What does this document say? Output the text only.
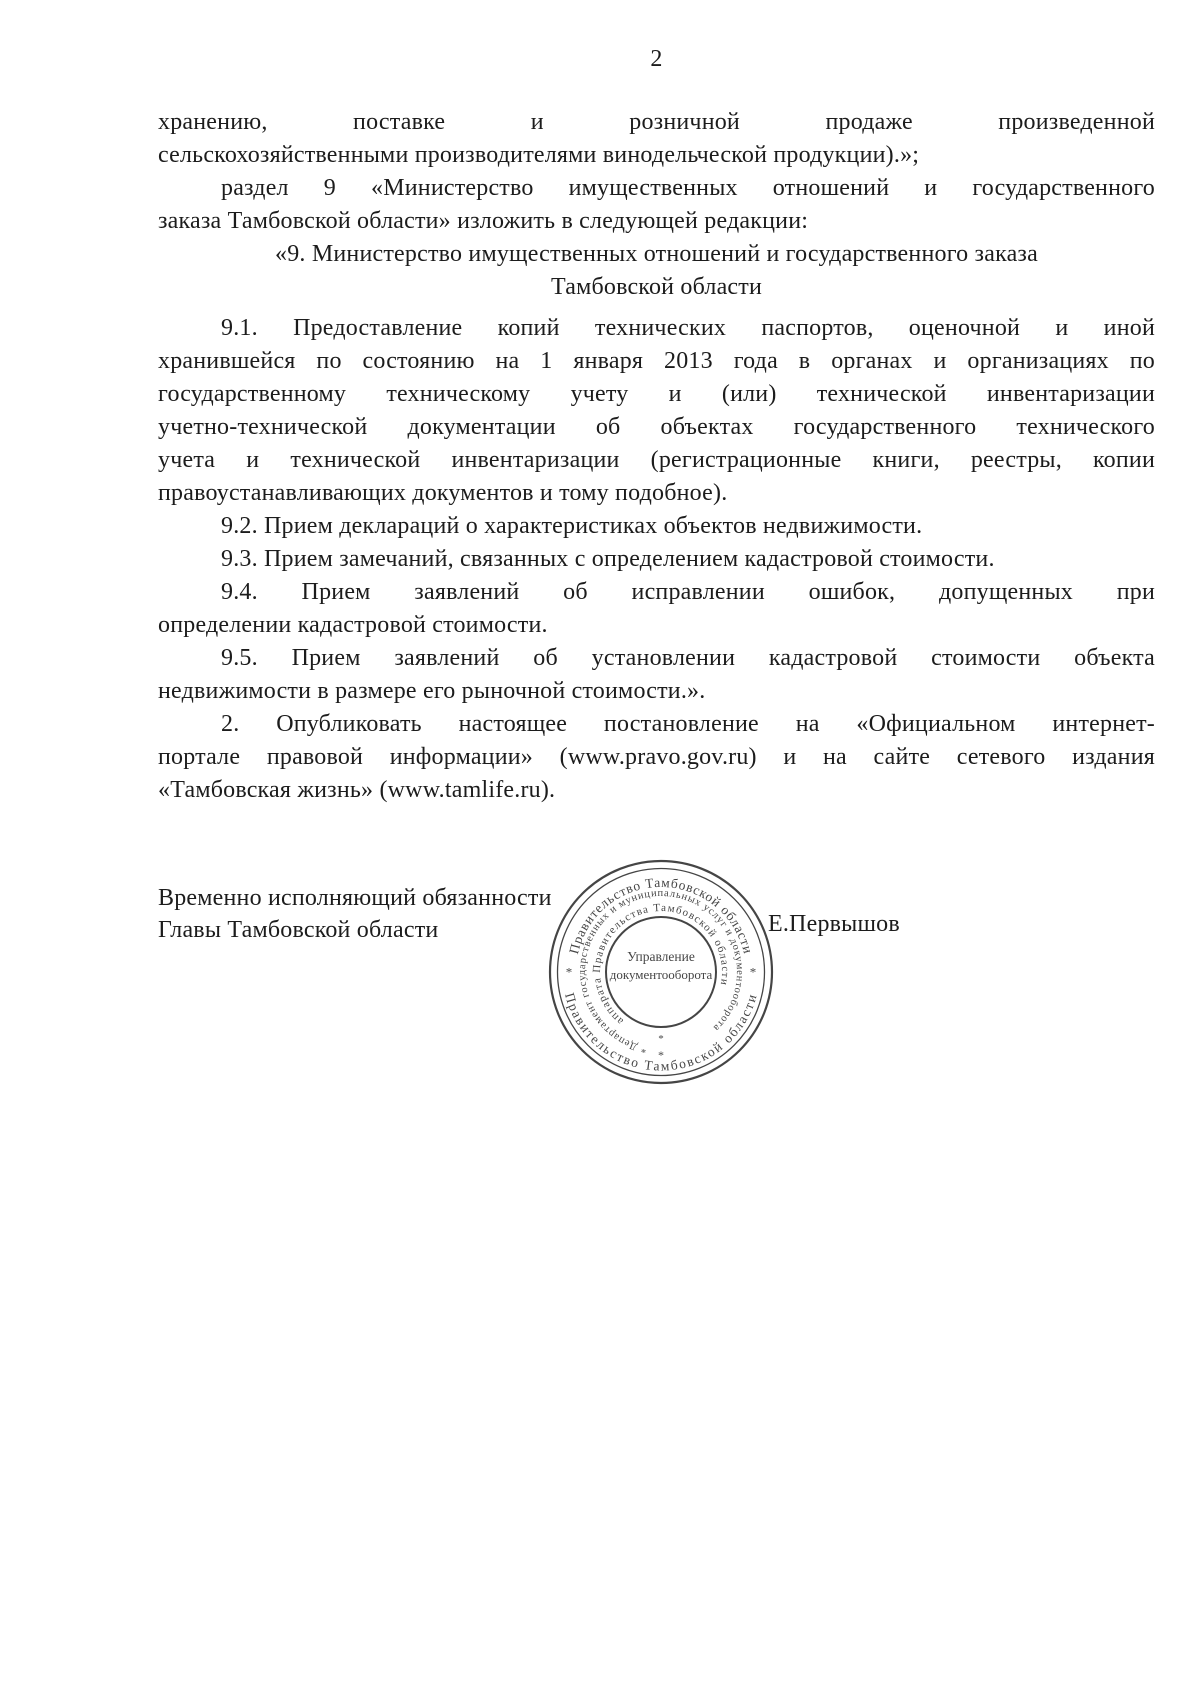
2
хранению, поставке и розничной продаже произведенной
сельскохозяйственными производителями винодельческой продукции).»;
раздел 9 «Министерство имущественных отношений и государственного
заказа Тамбовской области» изложить в следующей редакции:
«9. Министерство имущественных отношений и государственного заказа
Тамбовской области
9.1. Предоставление копий технических паспортов, оценочной и иной
хранившейся по состоянию на 1 января 2013 года в органах и организациях по
государственному техническому учету и (или) технической инвентаризации
учетно-технической документации об объектах государственного технического
учета и технической инвентаризации (регистрационные книги, реестры, копии
правоустанавливающих документов и тому подобное).
9.2. Прием деклараций о характеристиках объектов недвижимости.
9.3. Прием замечаний, связанных с определением кадастровой стоимости.
9.4. Прием заявлений об исправлении ошибок, допущенных при
определении кадастровой стоимости.
9.5. Прием заявлений об установлении кадастровой стоимости объекта
недвижимости в размере его рыночной стоимости.».
2. Опубликовать настоящее постановление на «Официальном интернет-
портале правовой информации» (www.pravo.gov.ru) и на сайте сетевого издания
«Тамбовская жизнь» (www.tamlife.ru).
Временно исполняющий обязанности
Главы Тамбовской области	Е.Первышов
Правительство Тамбовской области
Правительство Тамбовской области
*	*
* Департамент государственных и муниципальных услуг и документооборота
аппарата Правительства Тамбовской области
*
*
Управление
документооборота
